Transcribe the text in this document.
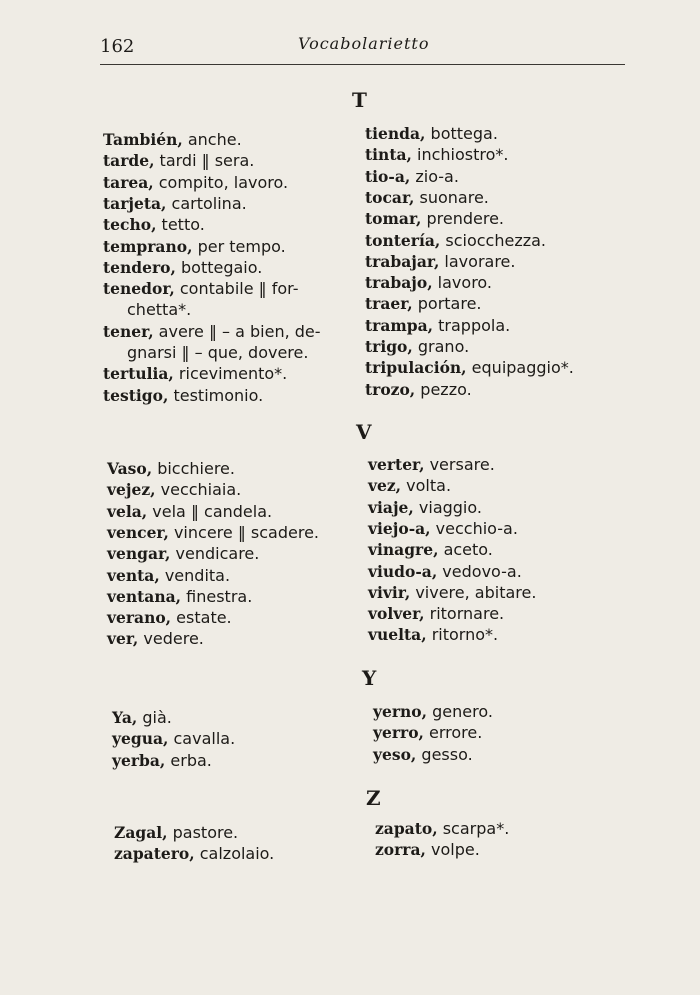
162	Vocabolarietto
T
También, anche.
tarde, tardi ‖ sera.
tarea, compito, lavoro.
tarjeta, cartolina.
techo, tetto.
temprano, per tempo.
tendero, bottegaio.
tenedor, contabile ‖ for-
chetta*.
tener, avere ‖ – a bien, de-
gnarsi ‖ – que, dovere.
tertulia, ricevimento*.
testigo, testimonio.
tienda, bottega.
tinta, inchiostro*.
tio-a, zio-a.
tocar, suonare.
tomar, prendere.
tontería, sciocchezza.
trabajar, lavorare.
trabajo, lavoro.
traer, portare.
trampa, trappola.
trigo, grano.
tripulación, equipaggio*.
trozo, pezzo.
V
Vaso, bicchiere.
vejez, vecchiaia.
vela, vela ‖ candela.
vencer, vincere ‖ scadere.
vengar, vendicare.
venta, vendita.
ventana, finestra.
verano, estate.
ver, vedere.
verter, versare.
vez, volta.
viaje, viaggio.
viejo-a, vecchio-a.
vinagre, aceto.
viudo-a, vedovo-a.
vivir, vivere, abitare.
volver, ritornare.
vuelta, ritorno*.
Y
Ya, già.
yegua, cavalla.
yerba, erba.
yerno, genero.
yerro, errore.
yeso, gesso.
Z
Zagal, pastore.
zapatero, calzolaio.
zapato, scarpa*.
zorra, volpe.
